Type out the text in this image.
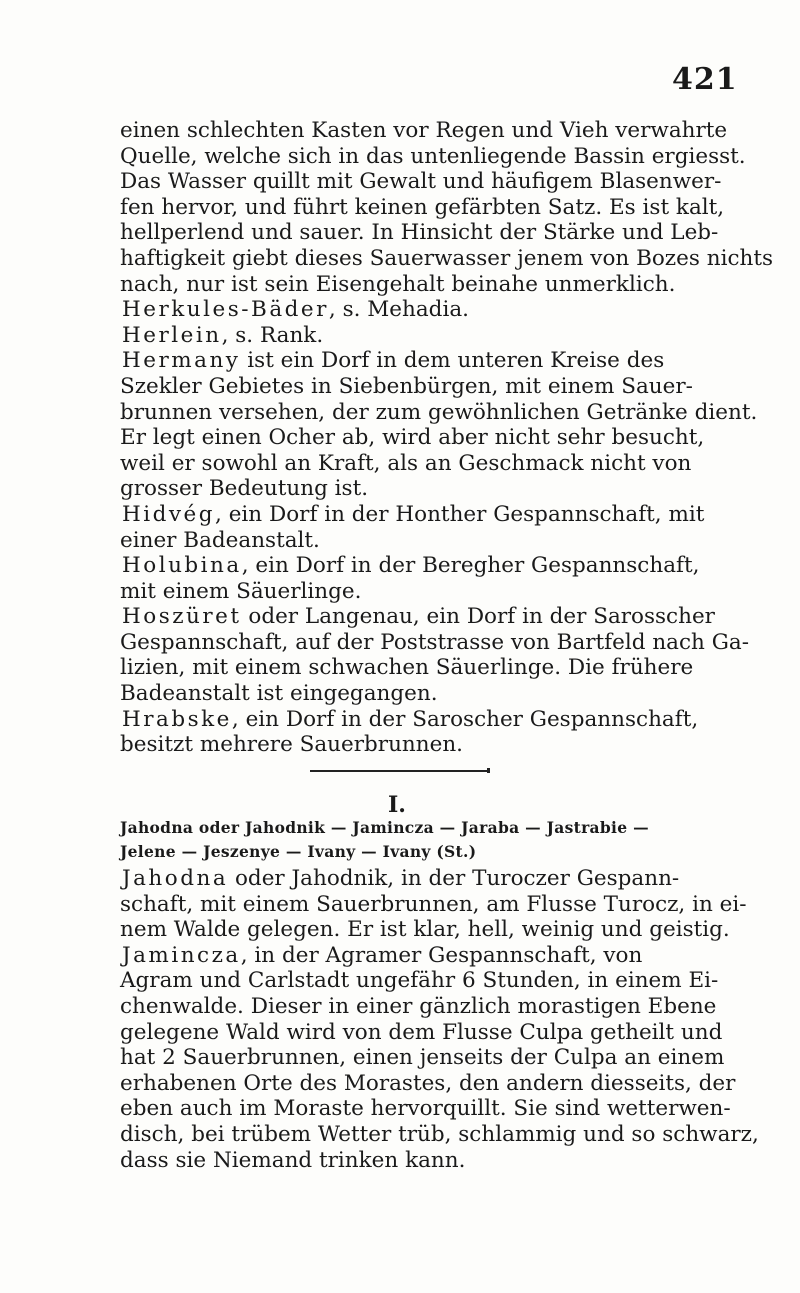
421

einen schlechten Kasten vor Regen und Vieh verwahrte

Quelle, welche sich in das untenliegende Bassin ergiesst.

Das Wasser quillt mit Gewalt und häufigem Blasenwer-

fen hervor, und führt keinen gefärbten Satz. Es ist kalt,

hellperlend und sauer. In Hinsicht der Stärke und Leb-

haftigkeit giebt dieses Sauerwasser jenem von Bozes nichts

nach, nur ist sein Eisengehalt beinahe unmerklich.

Herkules-Bäder, s. Mehadia.

Herlein, s. Rank.

Hermany ist ein Dorf in dem unteren Kreise des

Szekler Gebietes in Siebenbürgen, mit einem Sauer-

brunnen versehen, der zum gewöhnlichen Getränke dient.

Er legt einen Ocher ab, wird aber nicht sehr besucht,

weil er sowohl an Kraft, als an Geschmack nicht von

grosser Bedeutung ist.

Hidvég, ein Dorf in der Honther Gespannschaft, mit

einer Badeanstalt.

Holubina, ein Dorf in der Beregher Gespannschaft,

mit einem Säuerlinge.

Hoszüret oder Langenau, ein Dorf in der Sarosscher

Gespannschaft, auf der Poststrasse von Bartfeld nach Ga-

lizien, mit einem schwachen Säuerlinge. Die frühere

Badeanstalt ist eingegangen.

Hrabske, ein Dorf in der Saroscher Gespannschaft,

besitzt mehrere Sauerbrunnen.

I.
Jahodna oder Jahodnik — Jamincza — Jaraba — Jastrabie —
Jelene — Jeszenye — Ivany — Ivany (St.)

Jahodna oder Jahodnik, in der Turoczer Gespann-

schaft, mit einem Sauerbrunnen, am Flusse Turocz, in ei-

nem Walde gelegen. Er ist klar, hell, weinig und geistig.

Jamincza, in der Agramer Gespannschaft, von

Agram und Carlstadt ungefähr 6 Stunden, in einem Ei-

chenwalde. Dieser in einer gänzlich morastigen Ebene

gelegene Wald wird von dem Flusse Culpa getheilt und

hat 2 Sauerbrunnen, einen jenseits der Culpa an einem

erhabenen Orte des Morastes, den andern diesseits, der

eben auch im Moraste hervorquillt. Sie sind wetterwen-

disch, bei trübem Wetter trüb, schlammig und so schwarz,

dass sie Niemand trinken kann.
